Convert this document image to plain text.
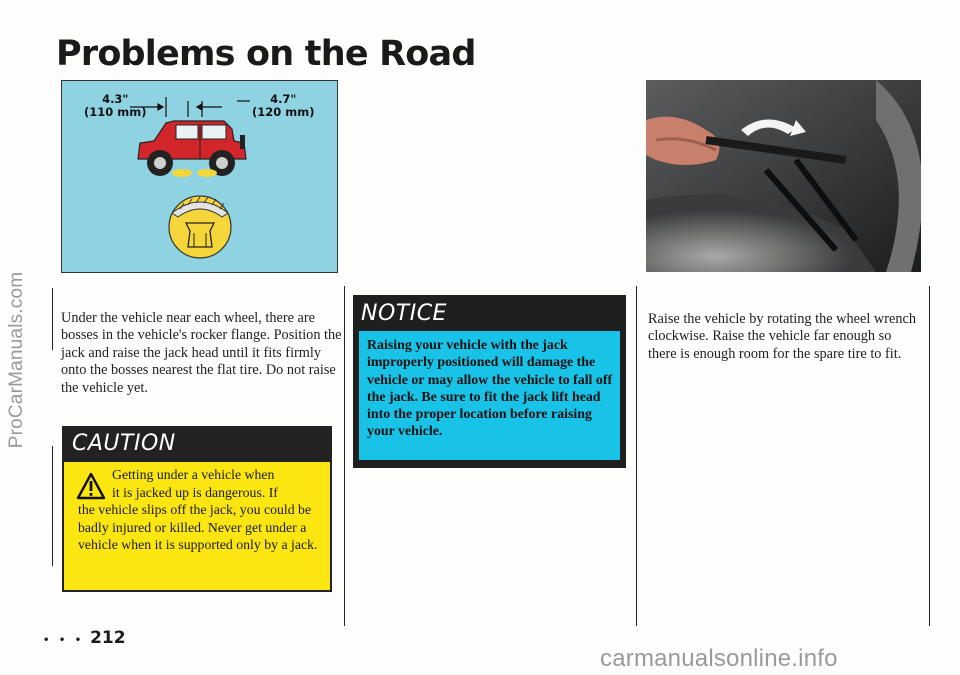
ProCarManuals.com
Problems on the Road
4.3"
(110 mm)
4.7"
(120 mm)
Under the vehicle near each wheel, there are bosses in the vehicle's rocker flange. Position the jack and raise the jack head until it fits firmly onto the bosses nearest the flat tire. Do not raise the vehicle yet.
CAUTION
Getting under a vehicle when
it is jacked up is dangerous. If
the vehicle slips off the jack, you could be badly injured or killed. Never get under a vehicle when it is supported only by a jack.
NOTICE
Raising your vehicle with the jack improperly positioned will damage the vehicle or may allow the vehicle to fall off the jack. Be sure to fit the jack lift head into the proper location before raising your vehicle.
Raise the vehicle by rotating the wheel wrench clockwise. Raise the vehicle far enough so there is enough room for the spare tire to fit.
• • • 212
carmanualsonline.info
